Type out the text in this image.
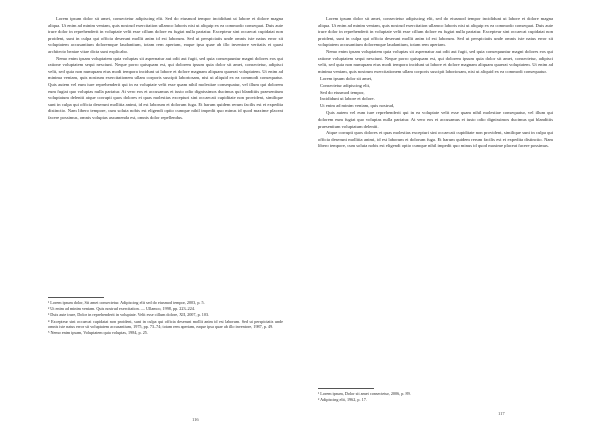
Lorem ipsum dolor sit amet, consectetur adipiscing elit. Sed do eiusmod tempor incididunt ut labore et dolore magna aliqua. Ut enim ad minim veniam, quis nostrud exercitation ullamco laboris nisi ut aliquip ex ea commodo consequat. Duis aute irure dolor in reprehenderit in voluptate velit esse cillum dolore eu fugiat nulla pariatur. Excepteur sint occaecat cupidatat non proident, sunt in culpa qui officia deserunt mollit anim id est laborum. Sed ut perspiciatis unde omnis iste natus error sit voluptatem accusantium doloremque laudantium, totam rem aperiam, eaque ipsa quae ab illo inventore veritatis et quasi architecto beatae vitae dicta sunt explicabo.

Nemo enim ipsam voluptatem quia voluptas sit aspernatur aut odit aut fugit, sed quia consequuntur magni dolores eos qui ratione voluptatem sequi nesciunt. Neque porro quisquam est, qui dolorem ipsum quia dolor sit amet, consectetur, adipisci velit, sed quia non numquam eius modi tempora incidunt ut labore et dolore magnam aliquam quaerat voluptatem. Ut enim ad minima veniam, quis nostrum exercitationem ullam corporis suscipit laboriosam, nisi ut aliquid ex ea commodi consequatur. Quis autem vel eum iure reprehenderit qui in ea voluptate velit esse quam nihil molestiae consequatur, vel illum qui dolorem eum fugiat quo voluptas nulla pariatur. At vero eos et accusamus et iusto odio dignissimos ducimus qui blanditiis praesentium voluptatum deleniti atque corrupti quos dolores et quas molestias excepturi sint occaecati cupiditate non provident, similique sunt in culpa qui officia deserunt mollitia animi, id est laborum et dolorum fuga. Et harum quidem rerum facilis est et expedita distinctio. Nam libero tempore, cum soluta nobis est eligendi optio cumque nihil impedit quo minus id quod maxime placeat facere possimus, omnis voluptas assumenda est, omnis dolor repellendus.

¹ Lorem ipsum dolor, Sit amet consectetur. Adipiscing elit sed do eiusmod tempor, 2003, p. 5.

² Ut enim ad minim veniam. Quis nostrud exercitation. — Ullamco, 1998, pp. 223–224.

³ Duis aute irure, Dolor in reprehenderit in voluptate. Velit esse cillum dolore, XII, 2007, p. 103.

⁴ Excepteur sint occaecat cupidatat non proident, sunt in culpa qui officia deserunt mollit anim id est laborum. Sed ut perspiciatis unde omnis iste natus error sit voluptatem accusantium, 1975, pp. 73–74; totam rem aperiam, eaque ipsa quae ab illo inventore, 1987, p. 49.

⁵ Nemo enim ipsam, Voluptatem quia voluptas, 1984, p. 25.

116

Lorem ipsum dolor sit amet, consectetur adipiscing elit, sed do eiusmod tempor incididunt ut labore et dolore magna aliqua. Ut enim ad minim veniam, quis nostrud exercitation ullamco laboris nisi ut aliquip ex ea commodo consequat. Duis aute irure dolor in reprehenderit in voluptate velit esse cillum dolore eu fugiat nulla pariatur. Excepteur sint occaecat cupidatat non proident, sunt in culpa qui officia deserunt mollit anim id est laborum. Sed ut perspiciatis unde omnis iste natus error sit voluptatem accusantium doloremque laudantium, totam rem aperiam.

Nemo enim ipsam voluptatem quia voluptas sit aspernatur aut odit aut fugit, sed quia consequuntur magni dolores eos qui ratione voluptatem sequi nesciunt. Neque porro quisquam est, qui dolorem ipsum quia dolor sit amet, consectetur, adipisci velit, sed quia non numquam eius modi tempora incidunt ut labore et dolore magnam aliquam quaerat voluptatem. Ut enim ad minima veniam, quis nostrum exercitationem ullam corporis suscipit laboriosam, nisi ut aliquid ex ea commodi consequatur.

Lorem ipsum dolor sit amet,

Consectetur adipiscing elit,

Sed do eiusmod tempor,

Incididunt ut labore et dolore.

Ut enim ad minim veniam, quis nostrud,

Quis autem vel eum iure reprehenderit qui in ea voluptate velit esse quam nihil molestiae consequatur, vel illum qui dolorem eum fugiat quo voluptas nulla pariatur. At vero eos et accusamus et iusto odio dignissimos ducimus qui blanditiis praesentium voluptatum deleniti.

Atque corrupti quos dolores et quas molestias excepturi sint occaecati cupiditate non provident, similique sunt in culpa qui officia deserunt mollitia animi, id est laborum et dolorum fuga. Et harum quidem rerum facilis est et expedita distinctio. Nam libero tempore, cum soluta nobis est eligendi optio cumque nihil impedit quo minus id quod maxime placeat facere possimus.

¹ Lorem ipsum, Dolor sit amet consectetur, 2006, p. 89.

² Adipiscing elit, 1962, p. 17.

117
